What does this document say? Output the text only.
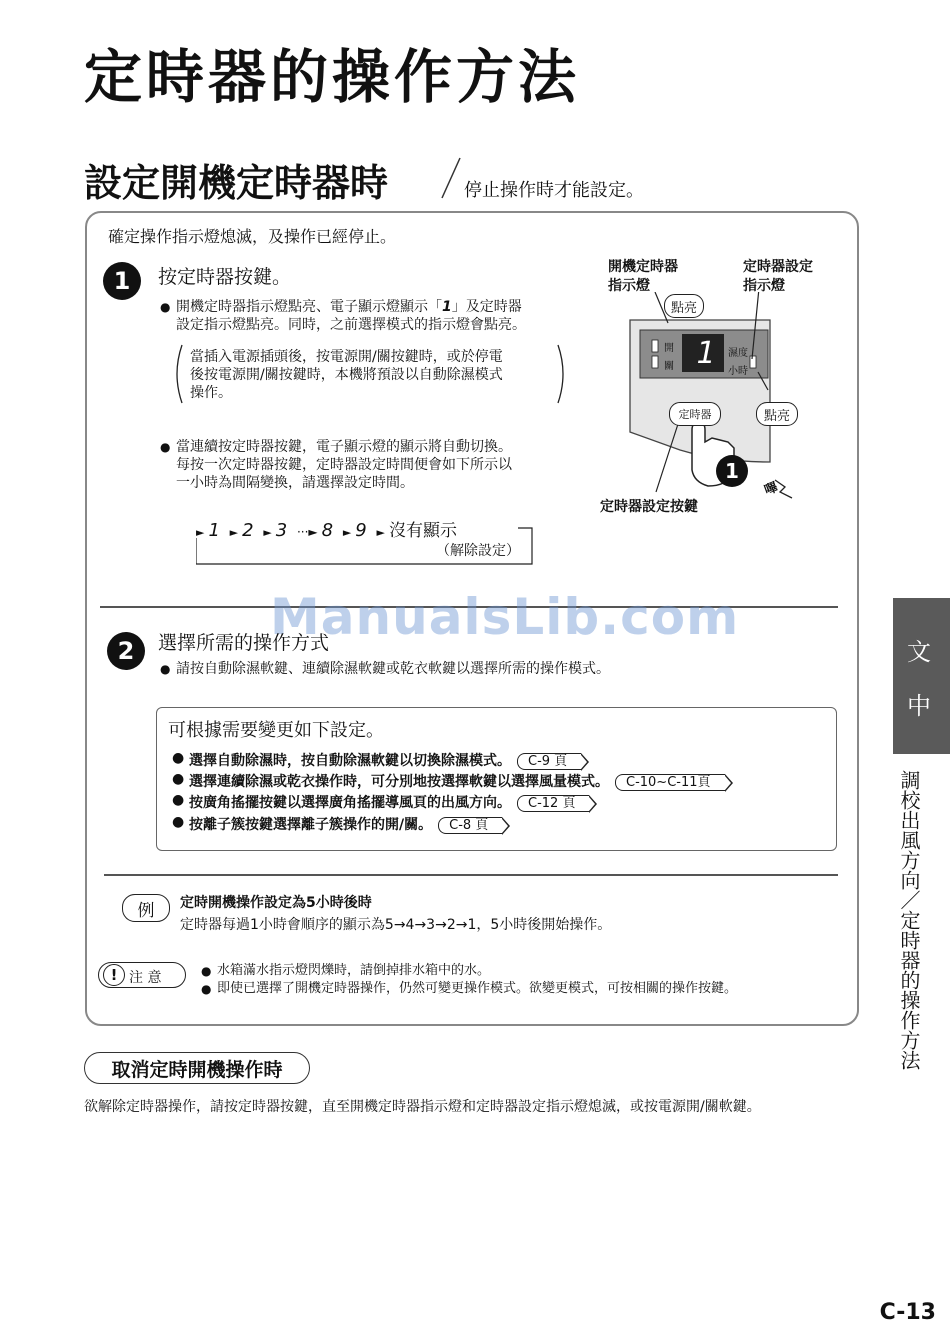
定時器的操作方法
設定開機定時器時	停止操作時才能設定。
確定操作指示燈熄滅，及操作已經停止。
1	按定時器按鍵。
● 開機定時器指示燈點亮、電子顯示燈顯示「1」及定時器
設定指示燈點亮。同時，之前選擇模式的指示燈會點亮。
當插入電源插頭後，按電源開/關按鍵時，或於停電
後按電源開/關按鍵時，本機將預設以自動除濕模式
操作。
● 當連續按定時器按鍵，電子顯示燈的顯示將自動切換。
每按一次定時器按鍵，定時器設定時間便會如下所示以
一小時為間隔變換，請選擇設定時間。
► 1 ► 2 ► 3 ···► 8 ► 9 ► 沒有顯示
（解除設定）
開機定時器
指示燈
定時器設定
指示燈
點亮
點亮
開
關 1	濕度
小時
定時器
1
嗶
定時器設定按鍵
ManualsLib.com
2	選擇所需的操作方式
● 請按自動除濕軟鍵、連續除濕軟鍵或乾衣軟鍵以選擇所需的操作模式。
可根據需要變更如下設定。
● 選擇自動除濕時，按自動除濕軟鍵以切換除濕模式。 C-9 頁
● 選擇連續除濕或乾衣操作時，可分別地按選擇軟鍵以選擇風量模式。 C-10~C-11頁
● 按廣角搖擺按鍵以選擇廣角搖擺導風頁的出風方向。 C-12 頁
● 按離子簇按鍵選擇離子簇操作的開/關。 C-8 頁
例	定時開機操作設定為5小時後時
定時器每過1小時會順序的顯示為5→4→3→2→1，5小時後開始操作。
! 注 意
●	水箱滿水指示燈閃爍時，請倒掉排水箱中的水。
● 即使已選擇了開機定時器操作，仍然可變更操作模式。欲變更模式，可按相關的操作按鍵。
取消定時開機操作時
欲解除定時器操作，請按定時器按鍵，直至開機定時器指示燈和定時器設定指示燈熄滅，或按電源開/關軟鍵。
文
中
調校出風方向／定時器的操作方法
C-13
